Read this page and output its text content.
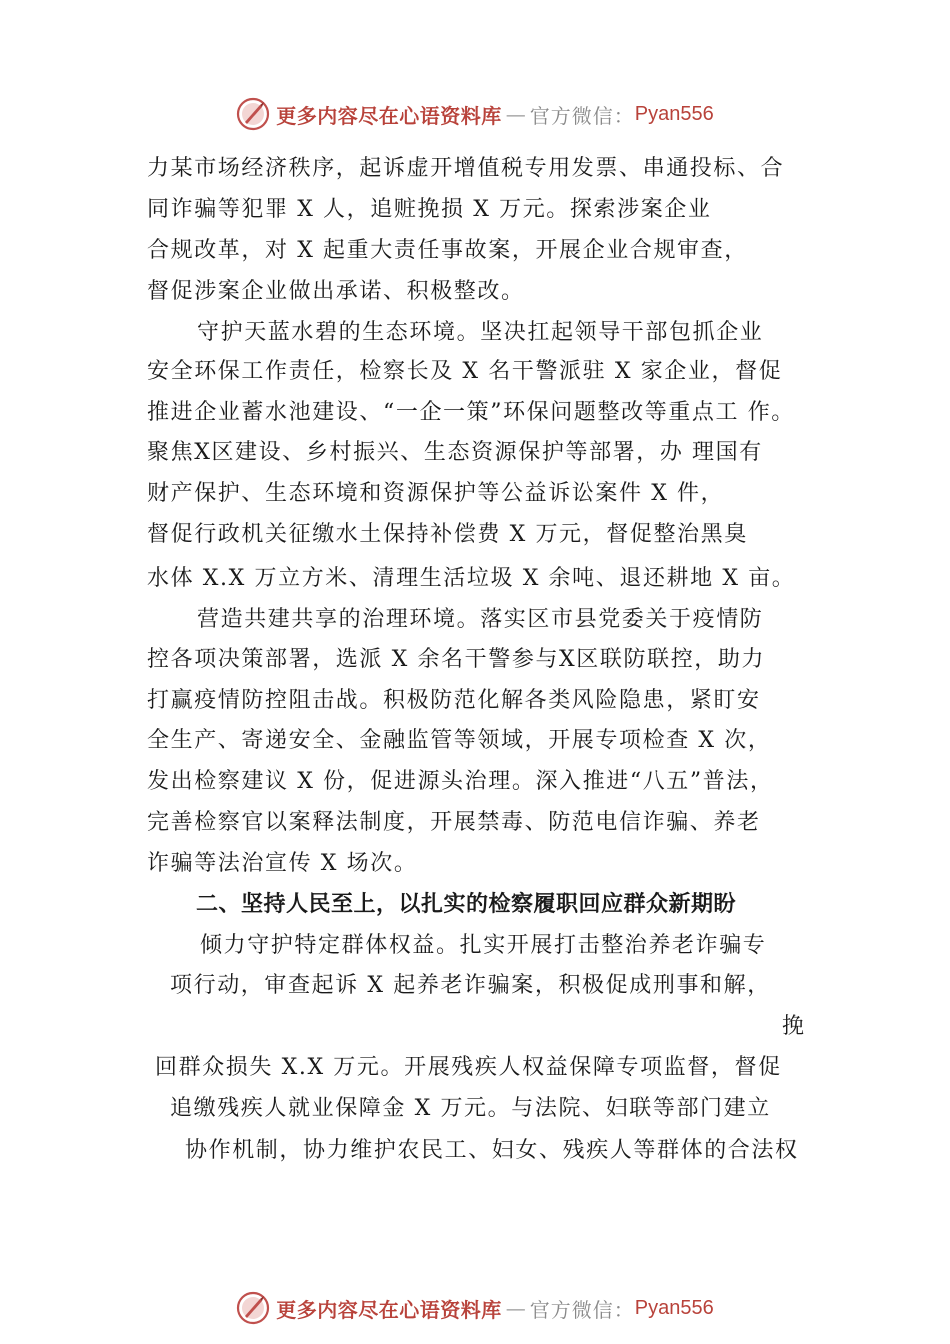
更多内容尽在心语资料库 — 官方微信： Pyan556
力某市场经济秩序，起诉虚开增值税专用发票、串通投标、合
同诈骗等犯罪 X 人，追赃挽损 X 万元。探索涉案企业
合规改革，对 X 起重大责任事故案，开展企业合规审查，
督促涉案企业做出承诺、积极整改。
守护天蓝水碧的生态环境。坚决扛起领导干部包抓企业
安全环保工作责任，检察长及 X 名干警派驻 X 家企业，督促
推进企业蓄水池建设、“一企一策”环保问题整改等重点工 作。
聚焦X区建设、乡村振兴、生态资源保护等部署，办 理国有
财产保护、生态环境和资源保护等公益诉讼案件 X 件，
督促行政机关征缴水土保持补偿费 X 万元，督促整治黑臭
水体 X.X 万立方米、清理生活垃圾 X 余吨、退还耕地 X 亩。
营造共建共享的治理环境。落实区市县党委关于疫情防
控各项决策部署，选派 X 余名干警参与X区联防联控，助力
打赢疫情防控阻击战。积极防范化解各类风险隐患，紧盯安
全生产、寄递安全、金融监管等领域，开展专项检查 X 次，
发出检察建议 X 份，促进源头治理。深入推进“八五”普法，
完善检察官以案释法制度，开展禁毒、防范电信诈骗、养老
诈骗等法治宣传 X 场次。
二、坚持人民至上，以扎实的检察履职回应群众新期盼
倾力守护特定群体权益。扎实开展打击整治养老诈骗专
项行动，审查起诉 X 起养老诈骗案，积极促成刑事和解，
挽
回群众损失 X.X 万元。开展残疾人权益保障专项监督，督促
追缴残疾人就业保障金 X 万元。与法院、妇联等部门建立
协作机制，协力维护农民工、妇女、残疾人等群体的合法权
更多内容尽在心语资料库 — 官方微信： Pyan556
